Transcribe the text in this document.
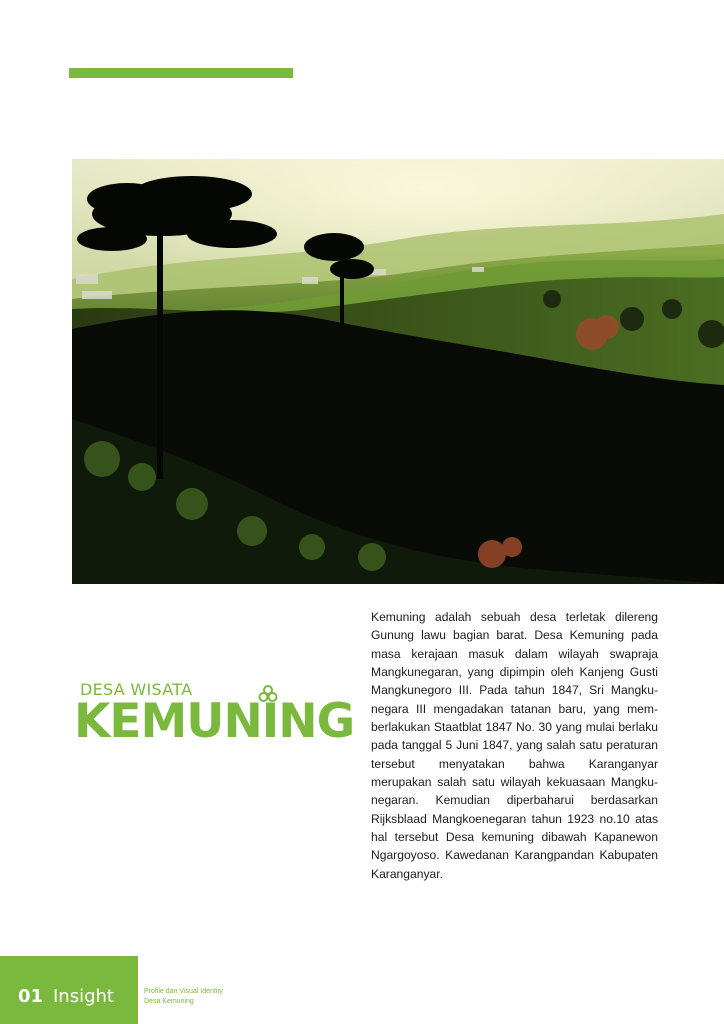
DESA WISATA
KEMUNING

Kemuning adalah sebuah desa terletak dilereng Gunung lawu bagian barat. Desa Kemuning pada masa kerajaan masuk dalam wilayah swapraja Mangkunegaran, yang dipimpin oleh Kanjeng Gusti Mangkunegoro III. Pada tahun 1847, Sri Mangkunegara III mengadakan tatanan baru, yang memberlakukan Staatblat 1847 No. 30 yang mulai berlaku pada tanggal 5 Juni 1847, yang salah satu peraturan tersebut menyatakan bahwa Karanganyar merupakan salah satu wilayah kekuasaan Mangkunegaran. Kemudian diperbaharui berdasarkan Rijksblaad Mangkoenegaran tahun 1923 no.10 atas hal tersebut Desa kemuning dibawah Kapanewon Ngargoyoso. Kawedanan Karangpandan Kabupaten Karanganyar.

01 Insight	Profile dan Visual Identity
Desa Kemuning
